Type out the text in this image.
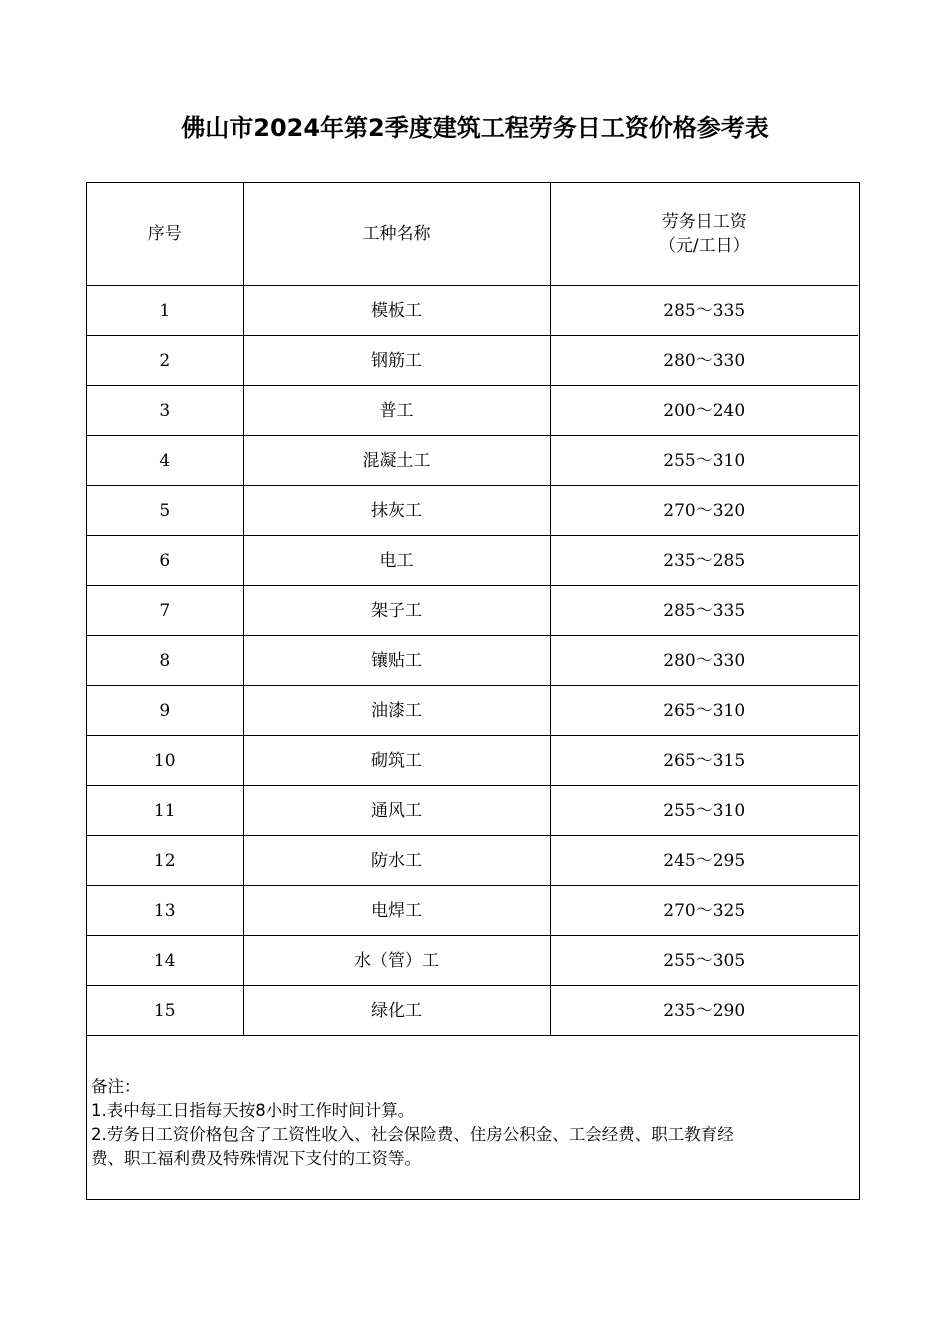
佛山市2024年第2季度建筑工程劳务日工资价格参考表
序号	工种名称	劳务日工资
（元/工日）

1	模板工	285～335
2	钢筋工	280～330
3	普工	200～240
4	混凝土工	255～310
5	抹灰工	270～320
6	电工	235～285
7	架子工	285～335
8	镶贴工	280～330
9	油漆工	265～310
10	砌筑工	265～315
11	通风工	255～310
12	防水工	245～295
13	电焊工	270～325
14	水（管）工	255～305
15	绿化工	235～290
备注：
1.表中每工日指每天按8小时工作时间计算。
2.劳务日工资价格包含了工资性收入、社会保险费、住房公积金、工会经费、职工教育经
费、职工福利费及特殊情况下支付的工资等。
